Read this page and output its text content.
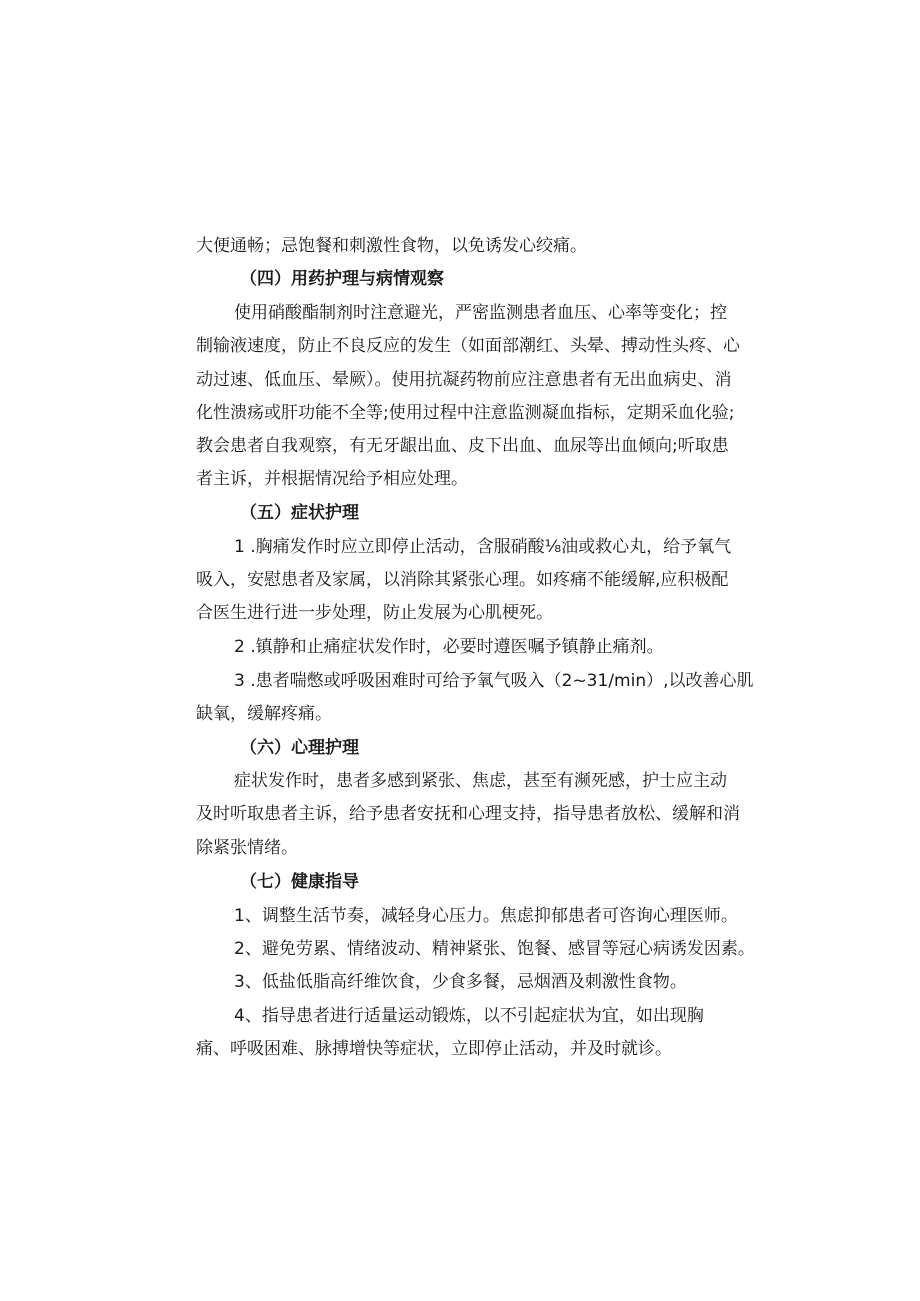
大便通畅；忌饱餐和刺激性食物，以免诱发心绞痛。
（四）用药护理与病情观察
使用硝酸酯制剂时注意避光，严密监测患者血压、心率等变化；控
制输液速度，防止不良反应的发生（如面部潮红、头晕、搏动性头疼、心
动过速、低血压、晕厥）。使用抗凝药物前应注意患者有无出血病史、消
化性溃疡或肝功能不全等;使用过程中注意监测凝血指标，定期采血化验;
教会患者自我观察，有无牙龈出血、皮下出血、血尿等出血倾向;听取患
者主诉，并根据情况给予相应处理。
（五）症状护理
1 .胸痛发作时应立即停止活动，含服硝酸⅛油或救心丸，给予氧气
吸入，安慰患者及家属，以消除其紧张心理。如疼痛不能缓解,应积极配
合医生进行进一步处理，防止发展为心肌梗死。
2 .镇静和止痛症状发作时，必要时遵医嘱予镇静止痛剂。
3 .患者喘憋或呼吸困难时可给予氧气吸入（2~31∕min）,以改善心肌
缺氧，缓解疼痛。
（六）心理护理
症状发作时，患者多感到紧张、焦虑，甚至有濒死感，护士应主动
及时听取患者主诉，给予患者安抚和心理支持，指导患者放松、缓解和消
除紧张情绪。
（七）健康指导
1、调整生活节奏，减轻身心压力。焦虑抑郁患者可咨询心理医师。
2、避免劳累、情绪波动、精神紧张、饱餐、感冒等冠心病诱发因素。
3、低盐低脂高纤维饮食，少食多餐，忌烟酒及刺激性食物。
4、指导患者进行适量运动锻炼，以不引起症状为宜，如出现胸
痛、呼吸困难、脉搏增快等症状，立即停止活动，并及时就诊。
